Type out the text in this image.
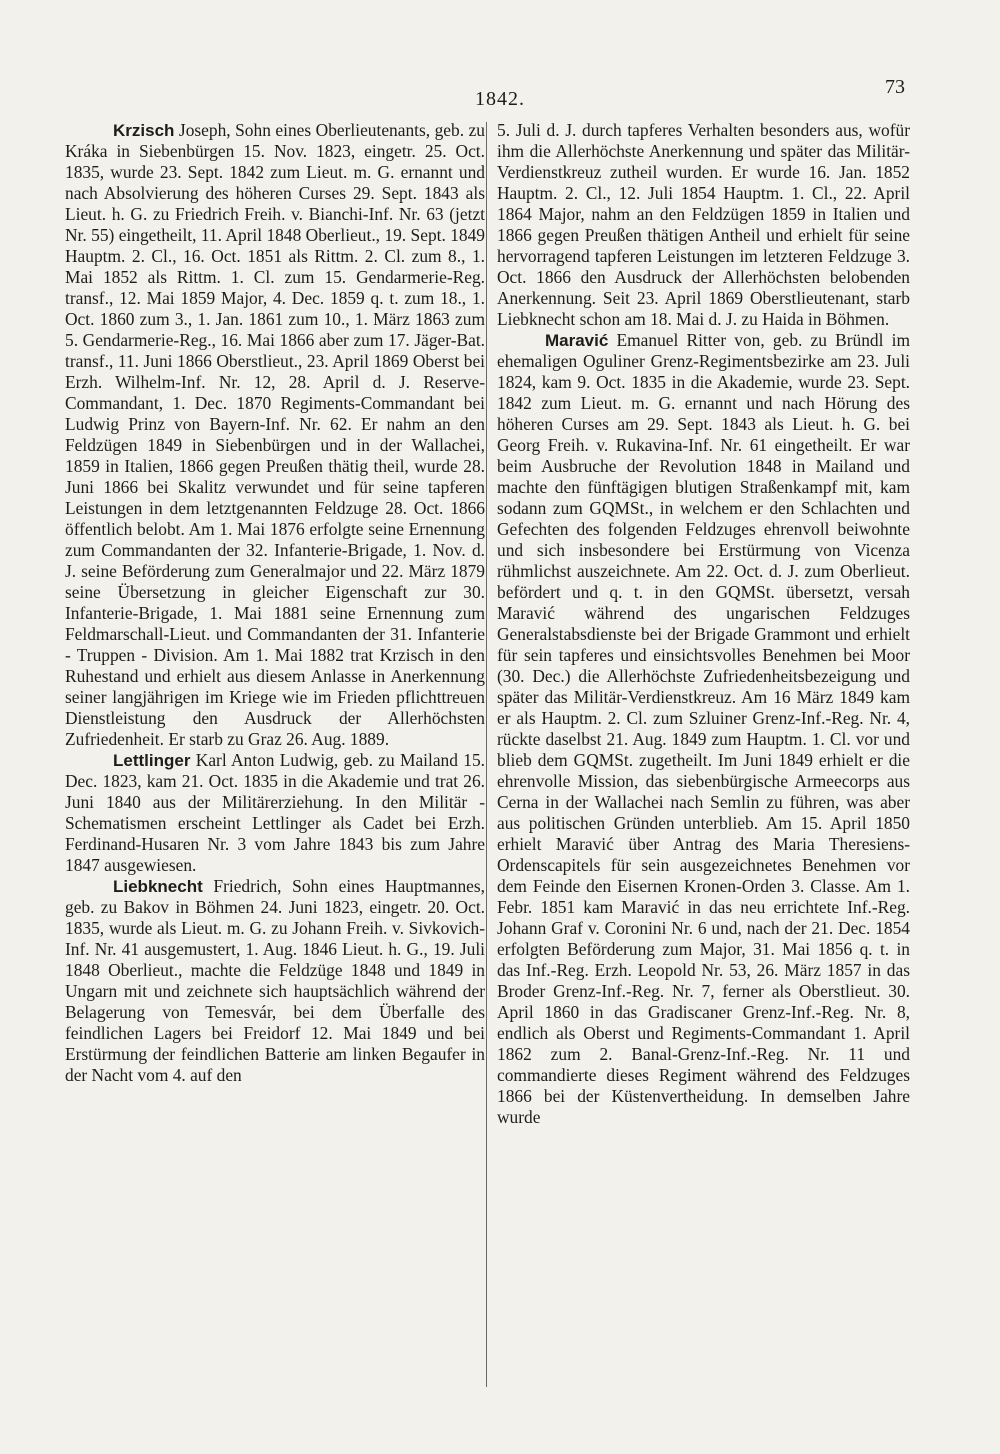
1842.
73

Krzisch Joseph, Sohn eines Oberlieutenants, geb. zu Kráka in Siebenbürgen 15. Nov. 1823, eingetr. 25. Oct. 1835, wurde 23. Sept. 1842 zum Lieut. m. G. ernannt und nach Absolvierung des höheren Curses 29. Sept. 1843 als Lieut. h. G. zu Friedrich Freih. v. Bianchi-Inf. Nr. 63 (jetzt Nr. 55) eingetheilt, 11. April 1848 Oberlieut., 19. Sept. 1849 Hauptm. 2. Cl., 16. Oct. 1851 als Rittm. 2. Cl. zum 8., 1. Mai 1852 als Rittm. 1. Cl. zum 15. Gendarmerie-Reg. transf., 12. Mai 1859 Major, 4. Dec. 1859 q. t. zum 18., 1. Oct. 1860 zum 3., 1. Jan. 1861 zum 10., 1. März 1863 zum 5. Gendarmerie-Reg., 16. Mai 1866 aber zum 17. Jäger-Bat. transf., 11. Juni 1866 Oberstlieut., 23. April 1869 Oberst bei Erzh. Wilhelm-Inf. Nr. 12, 28. April d. J. Reserve-Commandant, 1. Dec. 1870 Regiments-Commandant bei Ludwig Prinz von Bayern-Inf. Nr. 62. Er nahm an den Feldzügen 1849 in Siebenbürgen und in der Wallachei, 1859 in Italien, 1866 gegen Preußen thätig theil, wurde 28. Juni 1866 bei Skalitz verwundet und für seine tapferen Leistungen in dem letztgenannten Feldzuge 28. Oct. 1866 öffentlich belobt. Am 1. Mai 1876 erfolgte seine Ernennung zum Commandanten der 32. Infanterie-Brigade, 1. Nov. d. J. seine Beförderung zum Generalmajor und 22. März 1879 seine Übersetzung in gleicher Eigenschaft zur 30. Infanterie-Brigade, 1. Mai 1881 seine Ernennung zum Feldmarschall-Lieut. und Commandanten der 31. Infanterie - Truppen - Division. Am 1. Mai 1882 trat Krzisch in den Ruhestand und erhielt aus diesem Anlasse in Anerkennung seiner langjährigen im Kriege wie im Frieden pflichttreuen Dienstleistung den Ausdruck der Allerhöchsten Zufriedenheit. Er starb zu Graz 26. Aug. 1889.

Lettlinger Karl Anton Ludwig, geb. zu Mailand 15. Dec. 1823, kam 21. Oct. 1835 in die Akademie und trat 26. Juni 1840 aus der Militärerziehung. In den Militär - Schematismen erscheint Lettlinger als Cadet bei Erzh. Ferdinand-Husaren Nr. 3 vom Jahre 1843 bis zum Jahre 1847 ausgewiesen.

Liebknecht Friedrich, Sohn eines Hauptmannes, geb. zu Bakov in Böhmen 24. Juni 1823, eingetr. 20. Oct. 1835, wurde als Lieut. m. G. zu Johann Freih. v. Sivkovich-Inf. Nr. 41 ausgemustert, 1. Aug. 1846 Lieut. h. G., 19. Juli 1848 Oberlieut., machte die Feldzüge 1848 und 1849 in Ungarn mit und zeichnete sich hauptsächlich während der Belagerung von Temesvár, bei dem Überfalle des feindlichen Lagers bei Freidorf 12. Mai 1849 und bei Erstürmung der feindlichen Batterie am linken Begaufer in der Nacht vom 4. auf den

5. Juli d. J. durch tapferes Verhalten besonders aus, wofür ihm die Allerhöchste Anerkennung und später das Militär-Verdienstkreuz zutheil wurden. Er wurde 16. Jan. 1852 Hauptm. 2. Cl., 12. Juli 1854 Hauptm. 1. Cl., 22. April 1864 Major, nahm an den Feldzügen 1859 in Italien und 1866 gegen Preußen thätigen Antheil und erhielt für seine hervorragend tapferen Leistungen im letzteren Feldzuge 3. Oct. 1866 den Ausdruck der Allerhöchsten belobenden Anerkennung. Seit 23. April 1869 Oberstlieutenant, starb Liebknecht schon am 18. Mai d. J. zu Haida in Böhmen.

Maravić Emanuel Ritter von, geb. zu Bründl im ehemaligen Oguliner Grenz-Regimentsbezirke am 23. Juli 1824, kam 9. Oct. 1835 in die Akademie, wurde 23. Sept. 1842 zum Lieut. m. G. ernannt und nach Hörung des höheren Curses am 29. Sept. 1843 als Lieut. h. G. bei Georg Freih. v. Rukavina-Inf. Nr. 61 eingetheilt. Er war beim Ausbruche der Revolution 1848 in Mailand und machte den fünftägigen blutigen Straßenkampf mit, kam sodann zum GQMSt., in welchem er den Schlachten und Gefechten des folgenden Feldzuges ehrenvoll beiwohnte und sich insbesondere bei Erstürmung von Vicenza rühmlichst auszeichnete. Am 22. Oct. d. J. zum Oberlieut. befördert und q. t. in den GQMSt. übersetzt, versah Maravić während des ungarischen Feldzuges Generalstabsdienste bei der Brigade Grammont und erhielt für sein tapferes und einsichtsvolles Benehmen bei Moor (30. Dec.) die Allerhöchste Zufriedenheitsbezeigung und später das Militär-Verdienstkreuz. Am 16 März 1849 kam er als Hauptm. 2. Cl. zum Szluiner Grenz-Inf.-Reg. Nr. 4, rückte daselbst 21. Aug. 1849 zum Hauptm. 1. Cl. vor und blieb dem GQMSt. zugetheilt. Im Juni 1849 erhielt er die ehrenvolle Mission, das siebenbürgische Armeecorps aus Cerna in der Wallachei nach Semlin zu führen, was aber aus politischen Gründen unterblieb. Am 15. April 1850 erhielt Maravić über Antrag des Maria Theresiens-Ordenscapitels für sein ausgezeichnetes Benehmen vor dem Feinde den Eisernen Kronen-Orden 3. Classe. Am 1. Febr. 1851 kam Maravić in das neu errichtete Inf.-Reg. Johann Graf v. Coronini Nr. 6 und, nach der 21. Dec. 1854 erfolgten Beförderung zum Major, 31. Mai 1856 q. t. in das Inf.-Reg. Erzh. Leopold Nr. 53, 26. März 1857 in das Broder Grenz-Inf.-Reg. Nr. 7, ferner als Oberstlieut. 30. April 1860 in das Gradiscaner Grenz-Inf.-Reg. Nr. 8, endlich als Oberst und Regiments-Commandant 1. April 1862 zum 2. Banal-Grenz-Inf.-Reg. Nr. 11 und commandierte dieses Regiment während des Feldzuges 1866 bei der Küstenvertheidung. In demselben Jahre wurde
